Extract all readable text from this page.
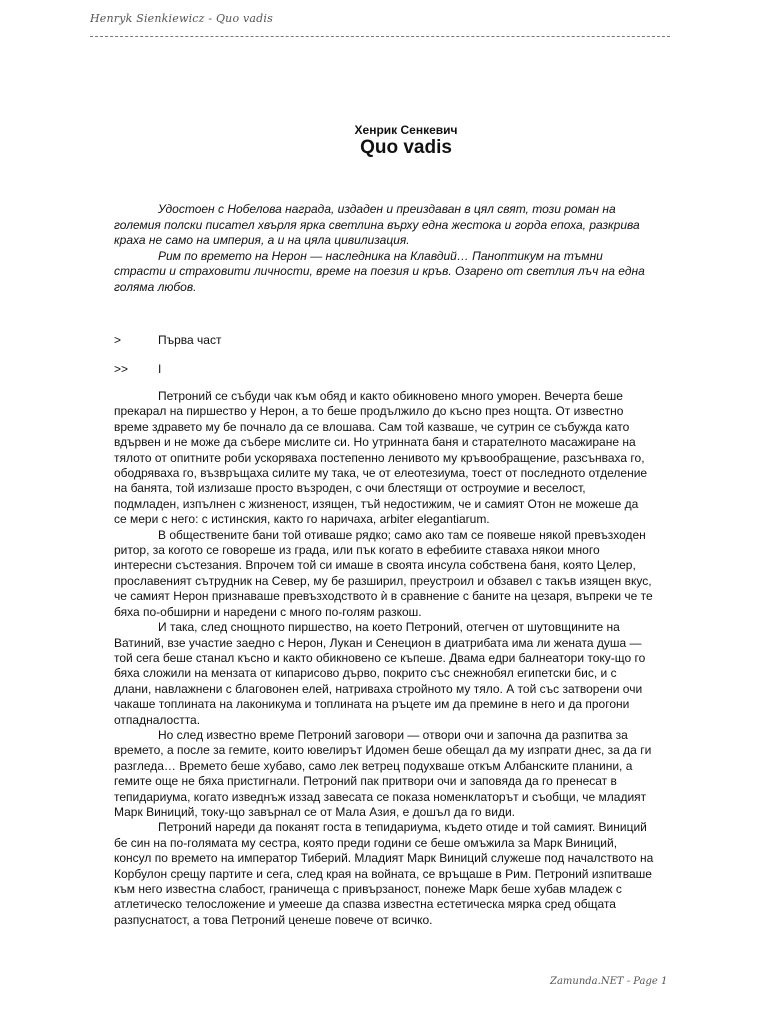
Henryk Sienkiewicz - Quo vadis
Хенрик Сенкевич
Quo vadis

Удостоен с Нобелова награда, издаден и преиздаван в цял свят, този роман на големия полски писател хвърля ярка светлина върху една жестока и горда епоха, разкрива краха не само на империя, а и на цяла цивилизация.

Рим по времето на Нерон — наследника на Клавдий… Паноптикум на тъмни страсти и страховити личности, време на поезия и кръв. Озарено от светлия лъч на една голяма любов.

>	Първа част
>> I

Петроний се събуди чак към обяд и както обикновено много уморен. Вечерта беше прекарал на пиршество у Нерон, а то беше продължило до късно през нощта. От известно време здравето му бе почнало да се влошава. Сам той казваше, че сутрин се събужда като вдървен и не може да събере мислите си. Но утринната баня и старателното масажиране на тялото от опитните роби ускоряваха постепенно ленивото му кръвообращение, разсънваха го, ободряваха го, възвръщаха силите му така, че от елеотезиума, тоест от последното отделение на банята, той излизаше просто възроден, с очи блестящи от остроумие и веселост, подмладен, изпълнен с жизненост, изящен, тъй недостижим, че и самият Отон не можеше да се мери с него: с истинския, както го наричаха, arbiter elegantiarum.

В обществените бани той отиваше рядко; само ако там се появеше някой превъзходен ритор, за когото се говореше из града, или пък когато в ефебиите ставаха някои много интересни състезания. Впрочем той си имаше в своята инсула собствена баня, която Целер, прославеният сътрудник на Север, му бе разширил, преустроил и обзавел с такъв изящен вкус, че самият Нерон признаваше превъзходството ѝ в сравнение с баните на цезаря, въпреки че те бяха по-обширни и наредени с много по-голям разкош.

И така, след снощното пиршество, на което Петроний, отегчен от шутовщините на Ватиний, взе участие заедно с Нерон, Лукан и Сенецион в диатрибата има ли жената душа — той сега беше станал късно и както обикновено се къпеше. Двама едри балнеатори току-що го бяха сложили на мензата от кипарисово дърво, покрито със снежнобял египетски бис, и с длани, навлажнени с благовонен елей, натриваха стройното му тяло. А той със затворени очи чакаше топлината на лаконикума и топлината на ръцете им да премине в него и да прогони отпадналостта.

Но след известно време Петроний заговори — отвори очи и започна да разпитва за времето, а после за гемите, които ювелирът Идомен беше обещал да му изпрати днес, за да ги разгледа… Времето беше хубаво, само лек ветрец подухваше откъм Албанските планини, а гемите още не бяха пристигнали. Петроний пак притвори очи и заповяда да го пренесат в тепидариума, когато изведнъж иззад завесата се показа номенклаторът и съобщи, че младият Марк Виниций, току-що завърнал се от Мала Азия, е дошъл да го види.

Петроний нареди да поканят госта в тепидариума, където отиде и той самият. Виниций бе син на по-голямата му сестра, която преди години се беше омъжила за Марк Виниций, консул по времето на император Тиберий. Младият Марк Виниций служеше под началството на Корбулон срещу партите и сега, след края на войната, се връщаше в Рим. Петроний изпитваше към него известна слабост, граничеща с привързаност, понеже Марк беше хубав младеж с атлетическо телосложение и умееше да спазва известна естетическа мярка сред общата разпуснатост, а това Петроний ценеше повече от всичко.

Zamunda.NET - Page 1
